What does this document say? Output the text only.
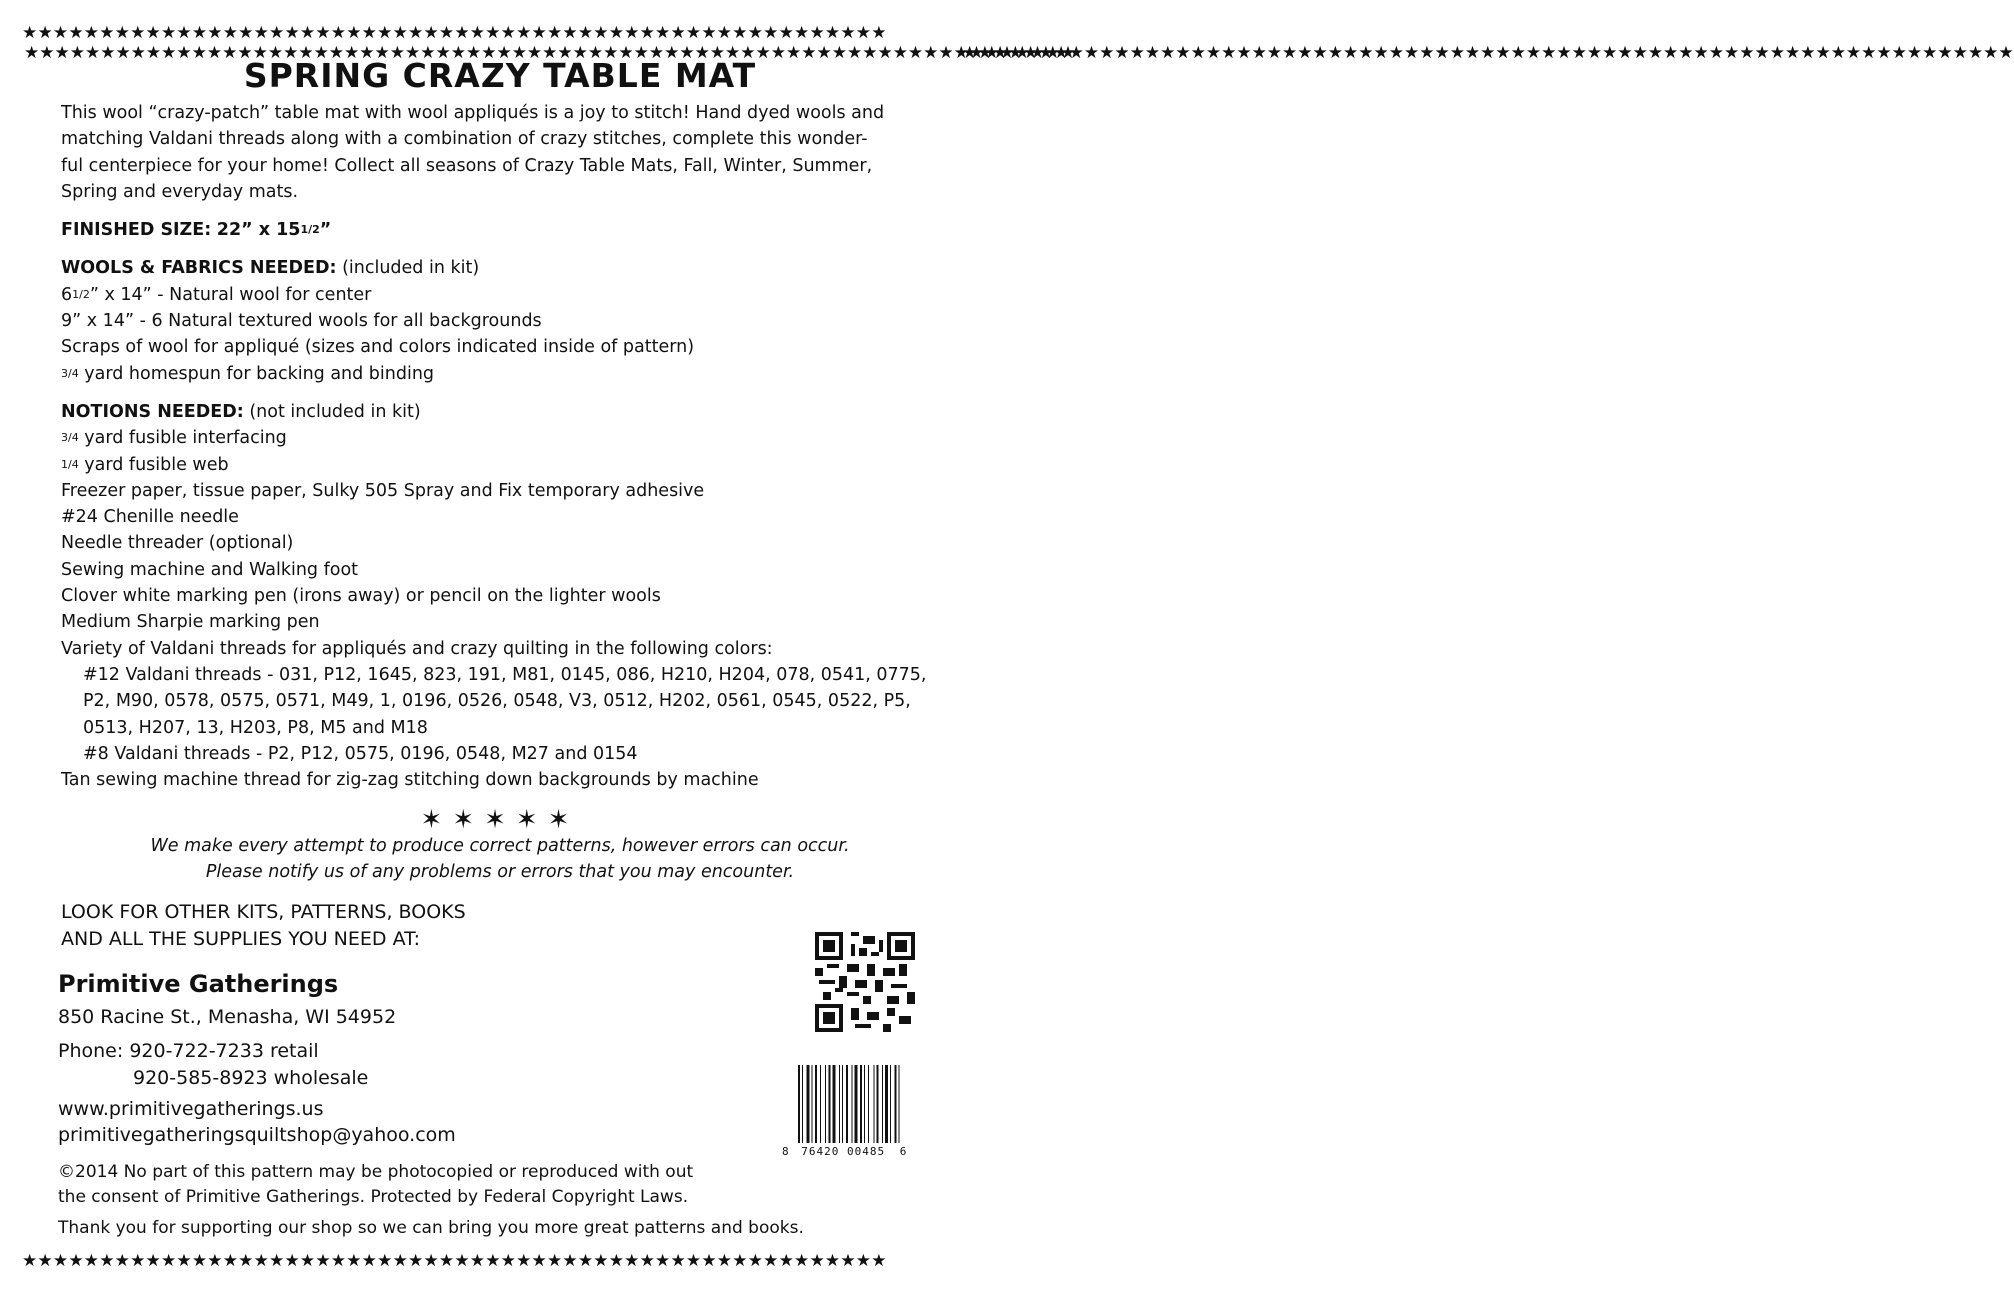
★★★★★★★★★★★★★★★★★★★★★★★★★★★★★★★★★★★★★★★★★★★★★★★★★★★★★★★★
★★★★★★★★★★★★★★★★★★★★★★★★★★★★★★★★★★★★★★★★★★★★★★★★★★★★★★★★
★★★★★★★★★★★★★★★★★★★★★★★★★★★★★★★★★★★★★★★★★★★★★★★★★★★★★★★★★★★★★★★★★★★★★
★★★★★★★★★★★★★★★★★★★★★★★★★★★★★★★★★★★★★★★★★★★★★★★★★★★★★★★★★★★★★★★★★★★★★
SPRING CRAZY TABLE MAT

This wool “crazy-patch” table mat with wool appliqués is a joy to stitch! Hand dyed wools and

matching Valdani threads along with a combination of crazy stitches, complete this wonder-

ful centerpiece for your home! Collect all seasons of Crazy Table Mats, Fall, Winter, Summer,

Spring and everyday mats.

FINISHED SIZE: 22” x 151/2”

WOOLS & FABRICS NEEDED: (included in kit)

61/2” x 14” - Natural wool for center

9” x 14” - 6 Natural textured wools for all backgrounds

Scraps of wool for appliqué (sizes and colors indicated inside of pattern)

3/4 yard homespun for backing and binding

NOTIONS NEEDED: (not included in kit)

3/4 yard fusible interfacing

1/4 yard fusible web

Freezer paper, tissue paper, Sulky 505 Spray and Fix temporary adhesive

#24 Chenille needle

Needle threader (optional)

Sewing machine and Walking foot

Clover white marking pen (irons away) or pencil on the lighter wools

Medium Sharpie marking pen

Variety of Valdani threads for appliqués and crazy quilting in the following colors:

#12 Valdani threads - 031, P12, 1645, 823, 191, M81, 0145, 086, H210, H204, 078, 0541, 0775,

P2, M90, 0578, 0575, 0571, M49, 1, 0196, 0526, 0548, V3, 0512, H202, 0561, 0545, 0522, P5,

0513, H207, 13, H203, P8, M5 and M18

#8 Valdani threads - P2, P12, 0575, 0196, 0548, M27 and 0154

Tan sewing machine thread for zig-zag stitching down backgrounds by machine

✶✶✶✶✶
We make every attempt to produce correct patterns, however errors can occur.
Please notify us of any problems or errors that you may encounter.
LOOK FOR OTHER KITS, PATTERNS, BOOKS
AND ALL THE SUPPLIES YOU NEED AT:
Primitive Gatherings
850 Racine St., Menasha, WI 54952
Phone: 920-722-7233 retail
920-585-8923 wholesale
www.primitivegatherings.us
primitivegatheringsquiltshop@yahoo.com
8 76420 00485 6
©2014 No part of this pattern may be photocopied or reproduced with out
the consent of Primitive Gatherings. Protected by Federal Copyright Laws.
Thank you for supporting our shop so we can bring you more great patterns and books.
